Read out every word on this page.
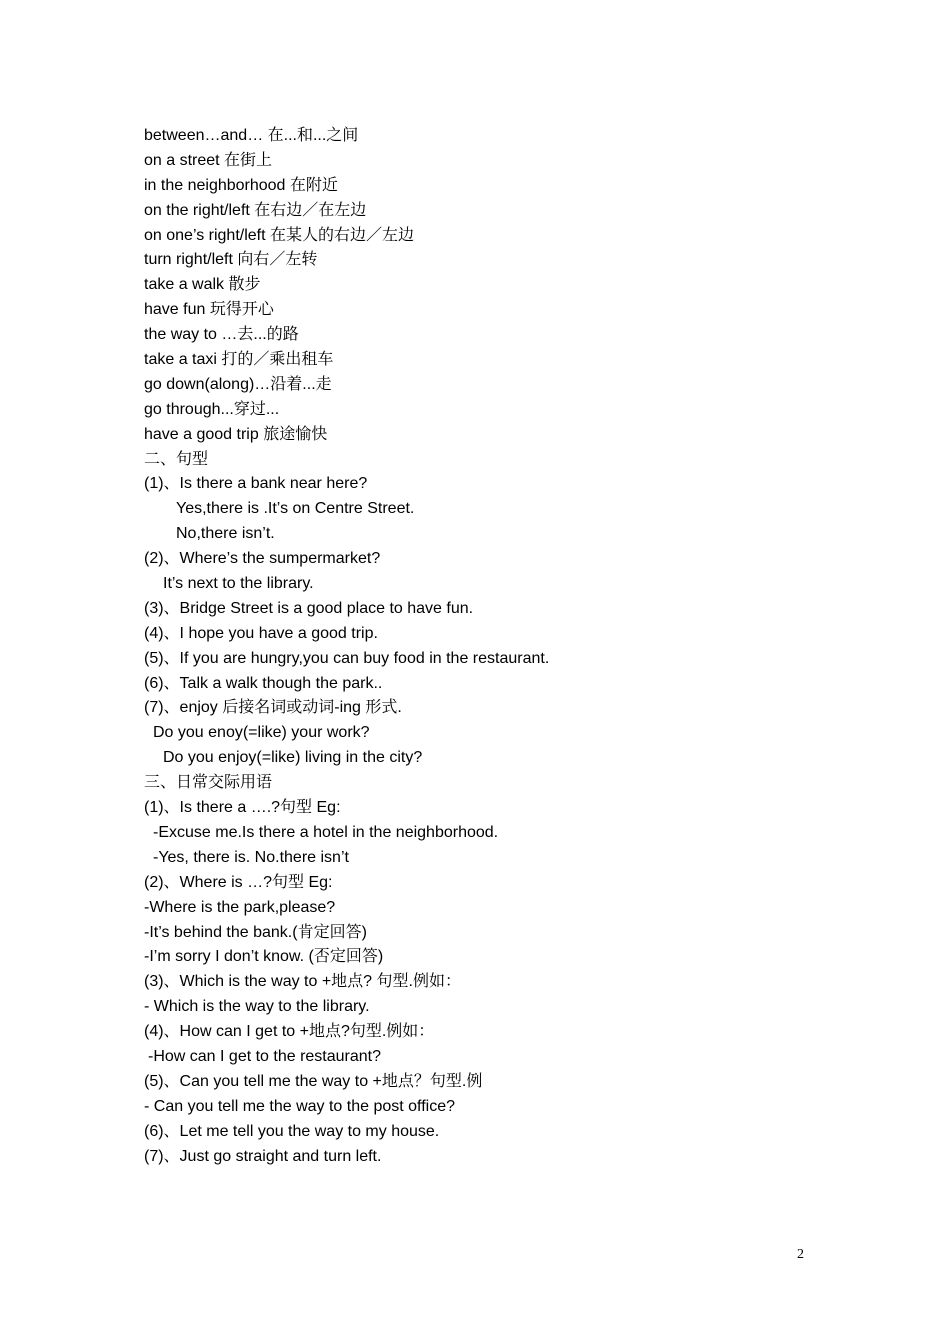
between…and… 在...和...之间
on a street 在街上
in the neighborhood 在附近
on the right/left 在右边／在左边
on one’s right/left 在某人的右边／左边
turn right/left 向右／左转
take a walk 散步
have fun 玩得开心
the way to …去...的路
take a taxi 打的／乘出租车
go down(along)…沿着...走
go through...穿过...
have a good trip 旅途愉快
二、句型
(1)、Is there a bank near here?
Yes,there is .It’s on Centre Street.
No,there isn’t.
(2)、Where’s the sumpermarket?
It’s next to the library.
(3)、Bridge Street is a good place to have fun.
(4)、I hope you have a good trip.
(5)、If you are hungry,you can buy food in the restaurant.
(6)、Talk a walk though the park..
(7)、enjoy 后接名词或动词-ing 形式.
Do you enoy(=like) your work?
Do you enjoy(=like) living in the city?
三、日常交际用语
(1)、Is there a ….?句型 Eg:
-Excuse me.Is there a hotel in the neighborhood.
-Yes, there is. No.there isn’t
(2)、Where is …?句型 Eg:
-Where is the park,please?
-It’s behind the bank.(肯定回答)
-I’m sorry I don’t know. (否定回答)
(3)、Which is the way to +地点? 句型.例如：
- Which is the way to the library.
(4)、How can I get to +地点?句型.例如：
-How can I get to the restaurant?
(5)、Can you tell me the way to +地点？句型.例
- Can you tell me the way to the post office?
(6)、Let me tell you the way to my house.
(7)、Just go straight and turn left.
2
